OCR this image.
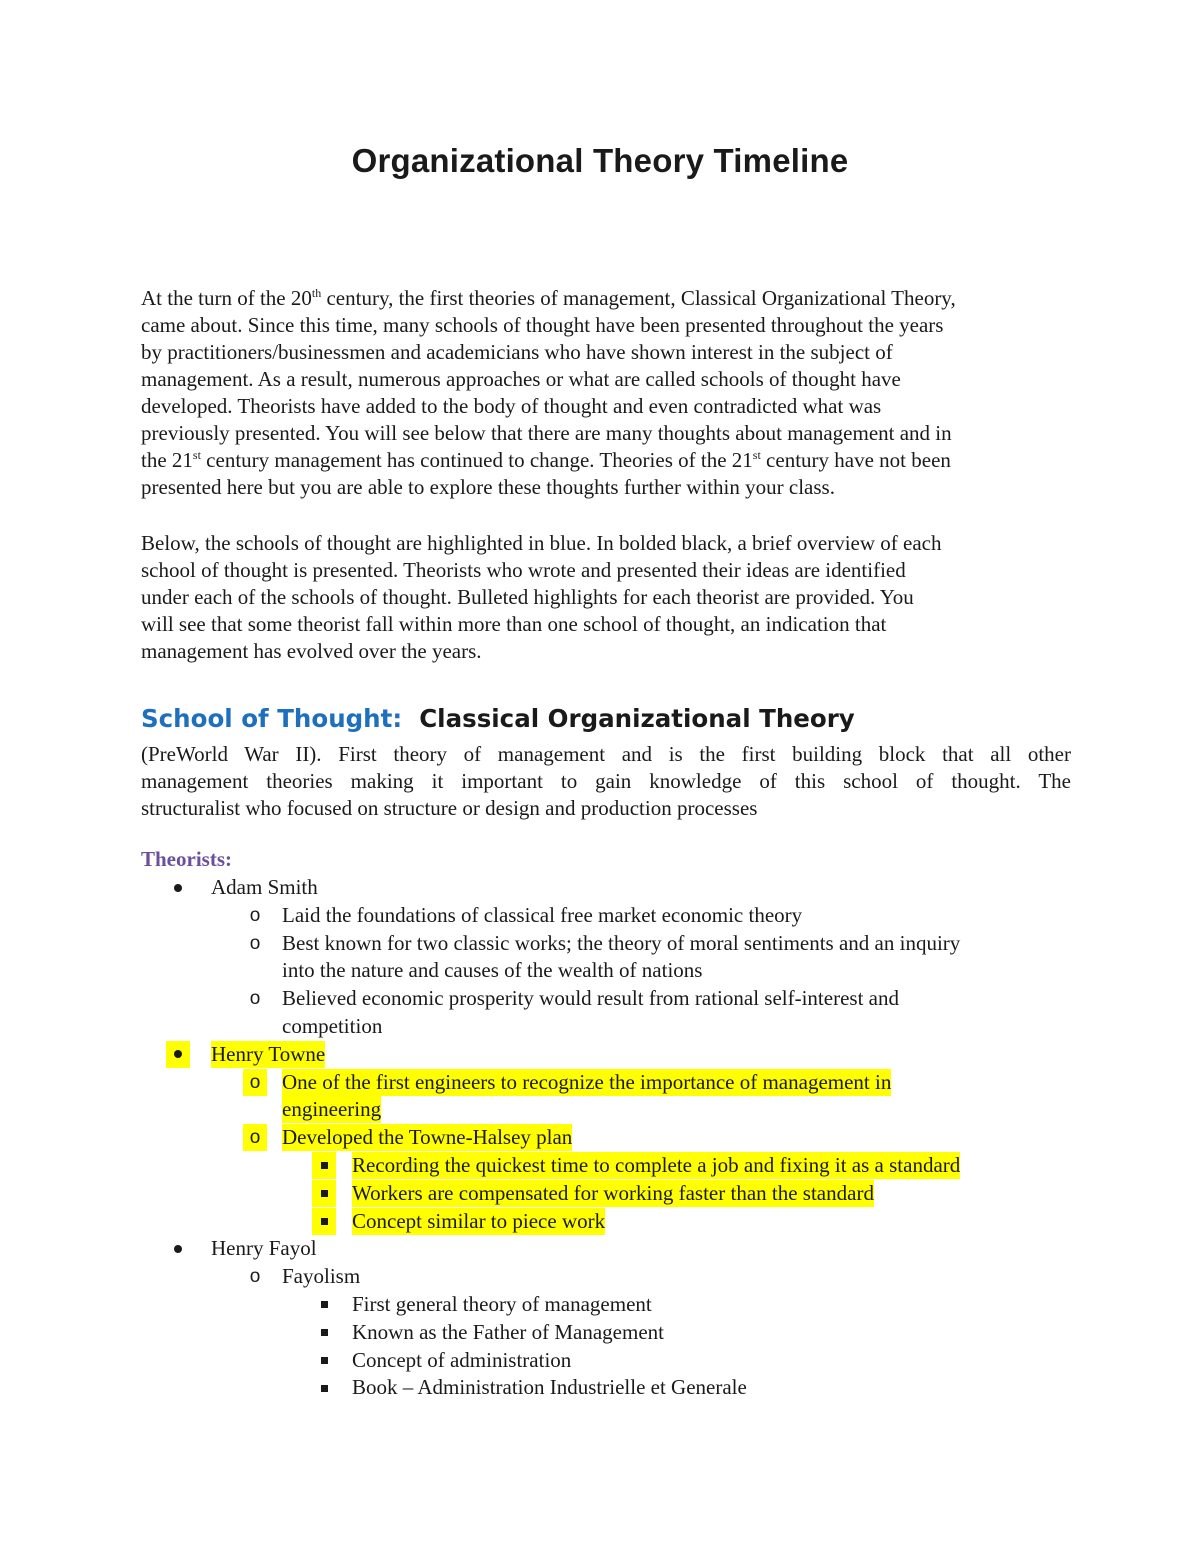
Organizational Theory Timeline
At the turn of the 20th century, the first theories of management, Classical Organizational Theory,
came about. Since this time, many schools of thought have been presented throughout the years
by practitioners/businessmen and academicians who have shown interest in the subject of
management. As a result, numerous approaches or what are called schools of thought have
developed. Theorists have added to the body of thought and even contradicted what was
previously presented. You will see below that there are many thoughts about management and in
the 21st century management has continued to change. Theories of the 21st century have not been
presented here but you are able to explore these thoughts further within your class.
Below, the schools of thought are highlighted in blue. In bolded black, a brief overview of each
school of thought is presented. Theorists who wrote and presented their ideas are identified
under each of the schools of thought. Bulleted highlights for each theorist are provided. You
will see that some theorist fall within more than one school of thought, an indication that
management has evolved over the years.
School of Thought: Classical Organizational Theory
(PreWorld War II). First theory of management and is the first building block that all other
management theories making it important to gain knowledge of this school of thought. The
structuralist who focused on structure or design and production processes
Theorists:
Adam Smith
o	Laid the foundations of classical free market economic theory
o	Best known for two classic works; the theory of moral sentiments and an inquiry
into the nature and causes of the wealth of nations
o	Believed economic prosperity would result from rational self-interest and
competition
Henry Towne
o	One of the first engineers to recognize the importance of management in
engineering
o	Developed the Towne-Halsey plan
Recording the quickest time to complete a job and fixing it as a standard
Workers are compensated for working faster than the standard
Concept similar to piece work
Henry Fayol
o	Fayolism
First general theory of management
Known as the Father of Management
Concept of administration
Book – Administration Industrielle et Generale
